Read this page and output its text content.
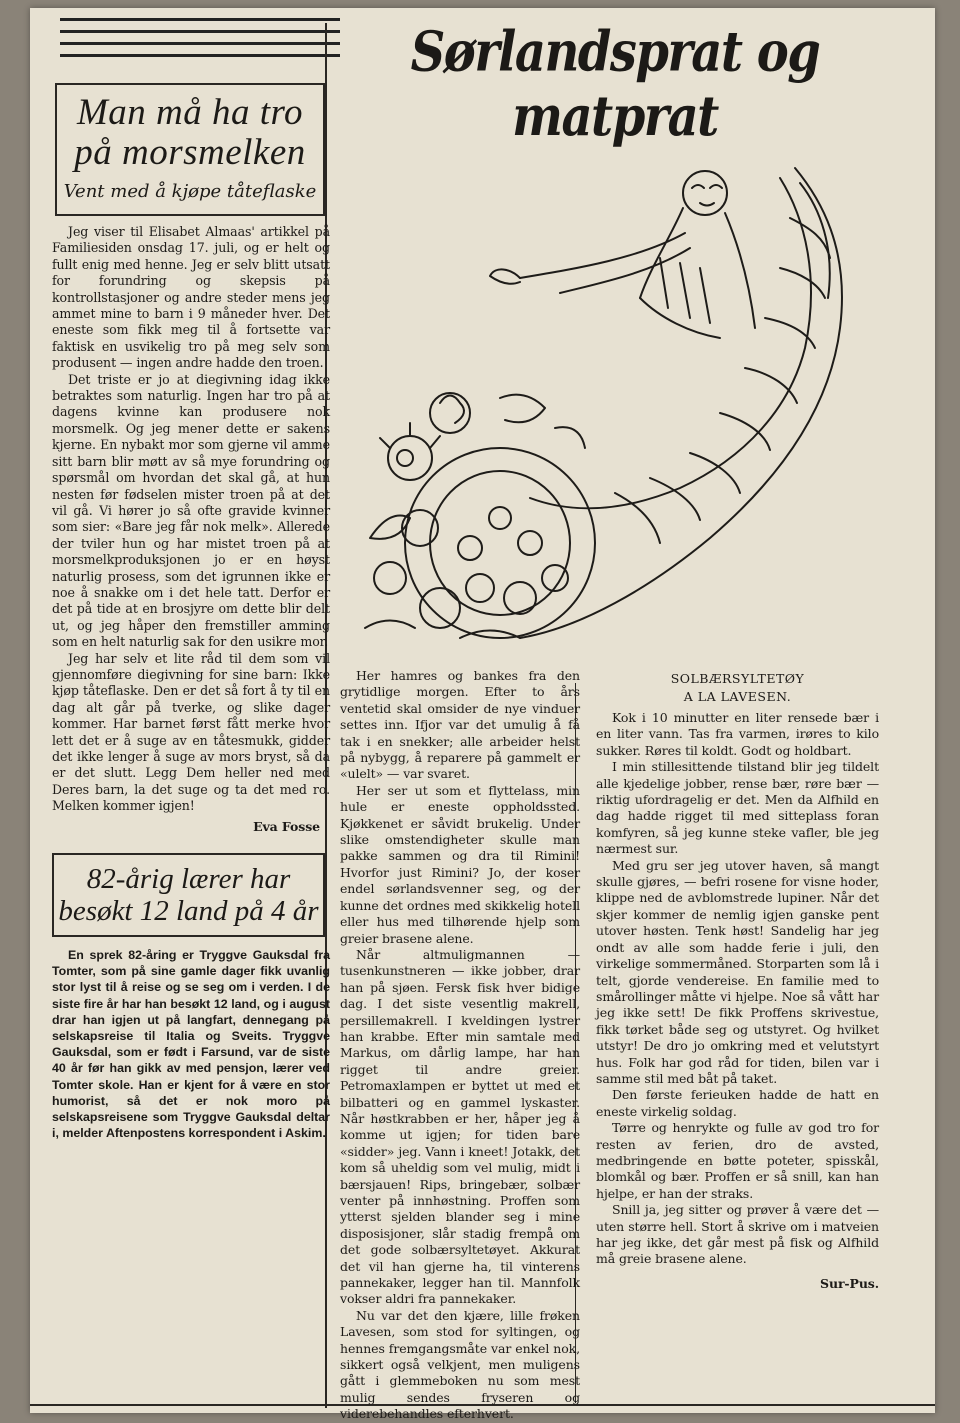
Man må ha tro på morsmelken
Vent med å kjøpe tåteflaske

Jeg viser til Elisabet Almaas' artikkel på Familiesiden onsdag 17. juli, og er helt og fullt enig med henne. Jeg er selv blitt utsatt for forundring og skepsis på kontrollstasjoner og andre steder mens jeg ammet mine to barn i 9 måneder hver. Det eneste som fikk meg til å fortsette var faktisk en usvikelig tro på meg selv som produsent — ingen andre hadde den troen.

Det triste er jo at diegivning idag ikke betraktes som naturlig. Ingen har tro på at dagens kvinne kan produsere nok morsmelk. Og jeg mener dette er sakens kjerne. En nybakt mor som gjerne vil amme sitt barn blir møtt av så mye forundring og spørsmål om hvordan det skal gå, at hun nesten før fødselen mister troen på at det vil gå. Vi hører jo så ofte gravide kvinner som sier: «Bare jeg får nok melk». Allerede der tviler hun og har mistet troen på at morsmelkproduksjonen jo er en høyst naturlig prosess, som det igrunnen ikke er noe å snakke om i det hele tatt. Derfor er det på tide at en brosjyre om dette blir delt ut, og jeg håper den fremstiller amming som en helt naturlig sak for den usikre mor.

Jeg har selv et lite råd til dem som vil gjennomføre diegivning for sine barn: Ikke kjøp tåteflaske. Den er det så fort å ty til en dag alt går på tverke, og slike dager kommer. Har barnet først fått merke hvor lett det er å suge av en tåtesmukk, gidder det ikke lenger å suge av mors bryst, så da er det slutt. Legg Dem heller ned med Deres barn, la det suge og ta det med ro. Melken kommer igjen!

Eva Fosse
82-årig lærer har besøkt 12 land på 4 år

En sprek 82-åring er Tryggve Gauksdal fra Tomter, som på sine gamle dager fikk uvanlig stor lyst til å reise og se seg om i verden. I de siste fire år har han besøkt 12 land, og i august drar han igjen ut på langfart, dennegang på selskapsreise til Italia og Sveits. Tryggve Gauksdal, som er født i Farsund, var de siste 40 år før han gikk av med pensjon, lærer ved Tomter skole. Han er kjent for å være en stor humorist, så det er nok moro på selskapsreisene som Tryggve Gauksdal deltar i, melder Aftenpostens korrespondent i Askim.

Sørlandsprat og matprat

Her hamres og bankes fra den grytidlige morgen. Efter to års ventetid skal omsider de nye vinduer settes inn. Ifjor var det umulig å få tak i en snekker; alle arbeider helst på nybygg, å reparere på gammelt er «ulelt» — var svaret.

Her ser ut som et flyttelass, min hule er eneste oppholdssted. Kjøkkenet er såvidt brukelig. Under slike omstendigheter skulle man pakke sammen og dra til Rimini! Hvorfor just Rimini? Jo, der koser endel sørlandsvenner seg, og der kunne det ordnes med skikkelig hotell eller hus med tilhørende hjelp som greier brasene alene.

Når altmuligmannen — tusenkunstneren — ikke jobber, drar han på sjøen. Fersk fisk hver bidige dag. I det siste vesentlig makrell, persillemakrell. I kveldingen lystrer han krabbe. Efter min samtale med Markus, om dårlig lampe, har han rigget til andre greier. Petromaxlampen er byttet ut med et bilbatteri og en gammel lyskaster. Når høstkrabben er her, håper jeg å komme ut igjen; for tiden bare «sidder» jeg. Vann i kneet! Jotakk, det kom så uheldig som vel mulig, midt i bærsjauen! Rips, bringebær, solbær venter på innhøstning. Proffen som ytterst sjelden blander seg i mine disposisjoner, slår stadig frempå om det gode solbærsyltetøyet. Akkurat det vil han gjerne ha, til vinterens pannekaker, legger han til. Mannfolk vokser aldri fra pannekaker.

Nu var det den kjære, lille frøken Lavesen, som stod for syltingen, og hennes fremgangsmåte var enkel nok, sikkert også velkjent, men muligens gått i glemmeboken nu som mest mulig sendes fryseren og viderebehandles efterhvert.

SOLBÆRSYLTETØY
A LA LAVESEN.

Kok i 10 minutter en liter rensede bær i en liter vann. Tas fra varmen, irøres to kilo sukker. Røres til koldt. Godt og holdbart.

I min stillesittende tilstand blir jeg tildelt alle kjedelige jobber, rense bær, røre bær — riktig ufordragelig er det. Men da Alfhild en dag hadde rigget til med sitteplass foran komfyren, så jeg kunne steke vafler, ble jeg nærmest sur.

Med gru ser jeg utover haven, så mangt skulle gjøres, — befri rosene for visne hoder, klippe ned de avblomstrede lupiner. Når det skjer kommer de nemlig igjen ganske pent utover høsten. Tenk høst! Sandelig har jeg ondt av alle som hadde ferie i juli, den virkelige sommermåned. Storparten som lå i telt, gjorde vendereise. En familie med to smårollinger måtte vi hjelpe. Noe så vått har jeg ikke sett! De fikk Proffens skrivestue, fikk tørket både seg og utstyret. Og hvilket utstyr! De dro jo omkring med et velutstyrt hus. Folk har god råd for tiden, bilen var i samme stil med båt på taket.

Den første ferieuken hadde de hatt en eneste virkelig soldag.

Tørre og henrykte og fulle av god tro for resten av ferien, dro de avsted, medbringende en bøtte poteter, spisskål, blomkål og bær. Proffen er så snill, kan han hjelpe, er han der straks.

Snill ja, jeg sitter og prøver å være det — uten større hell. Stort å skrive om i matveien har jeg ikke, det går mest på fisk og Alfhild må greie brasene alene.

Sur-Pus.
